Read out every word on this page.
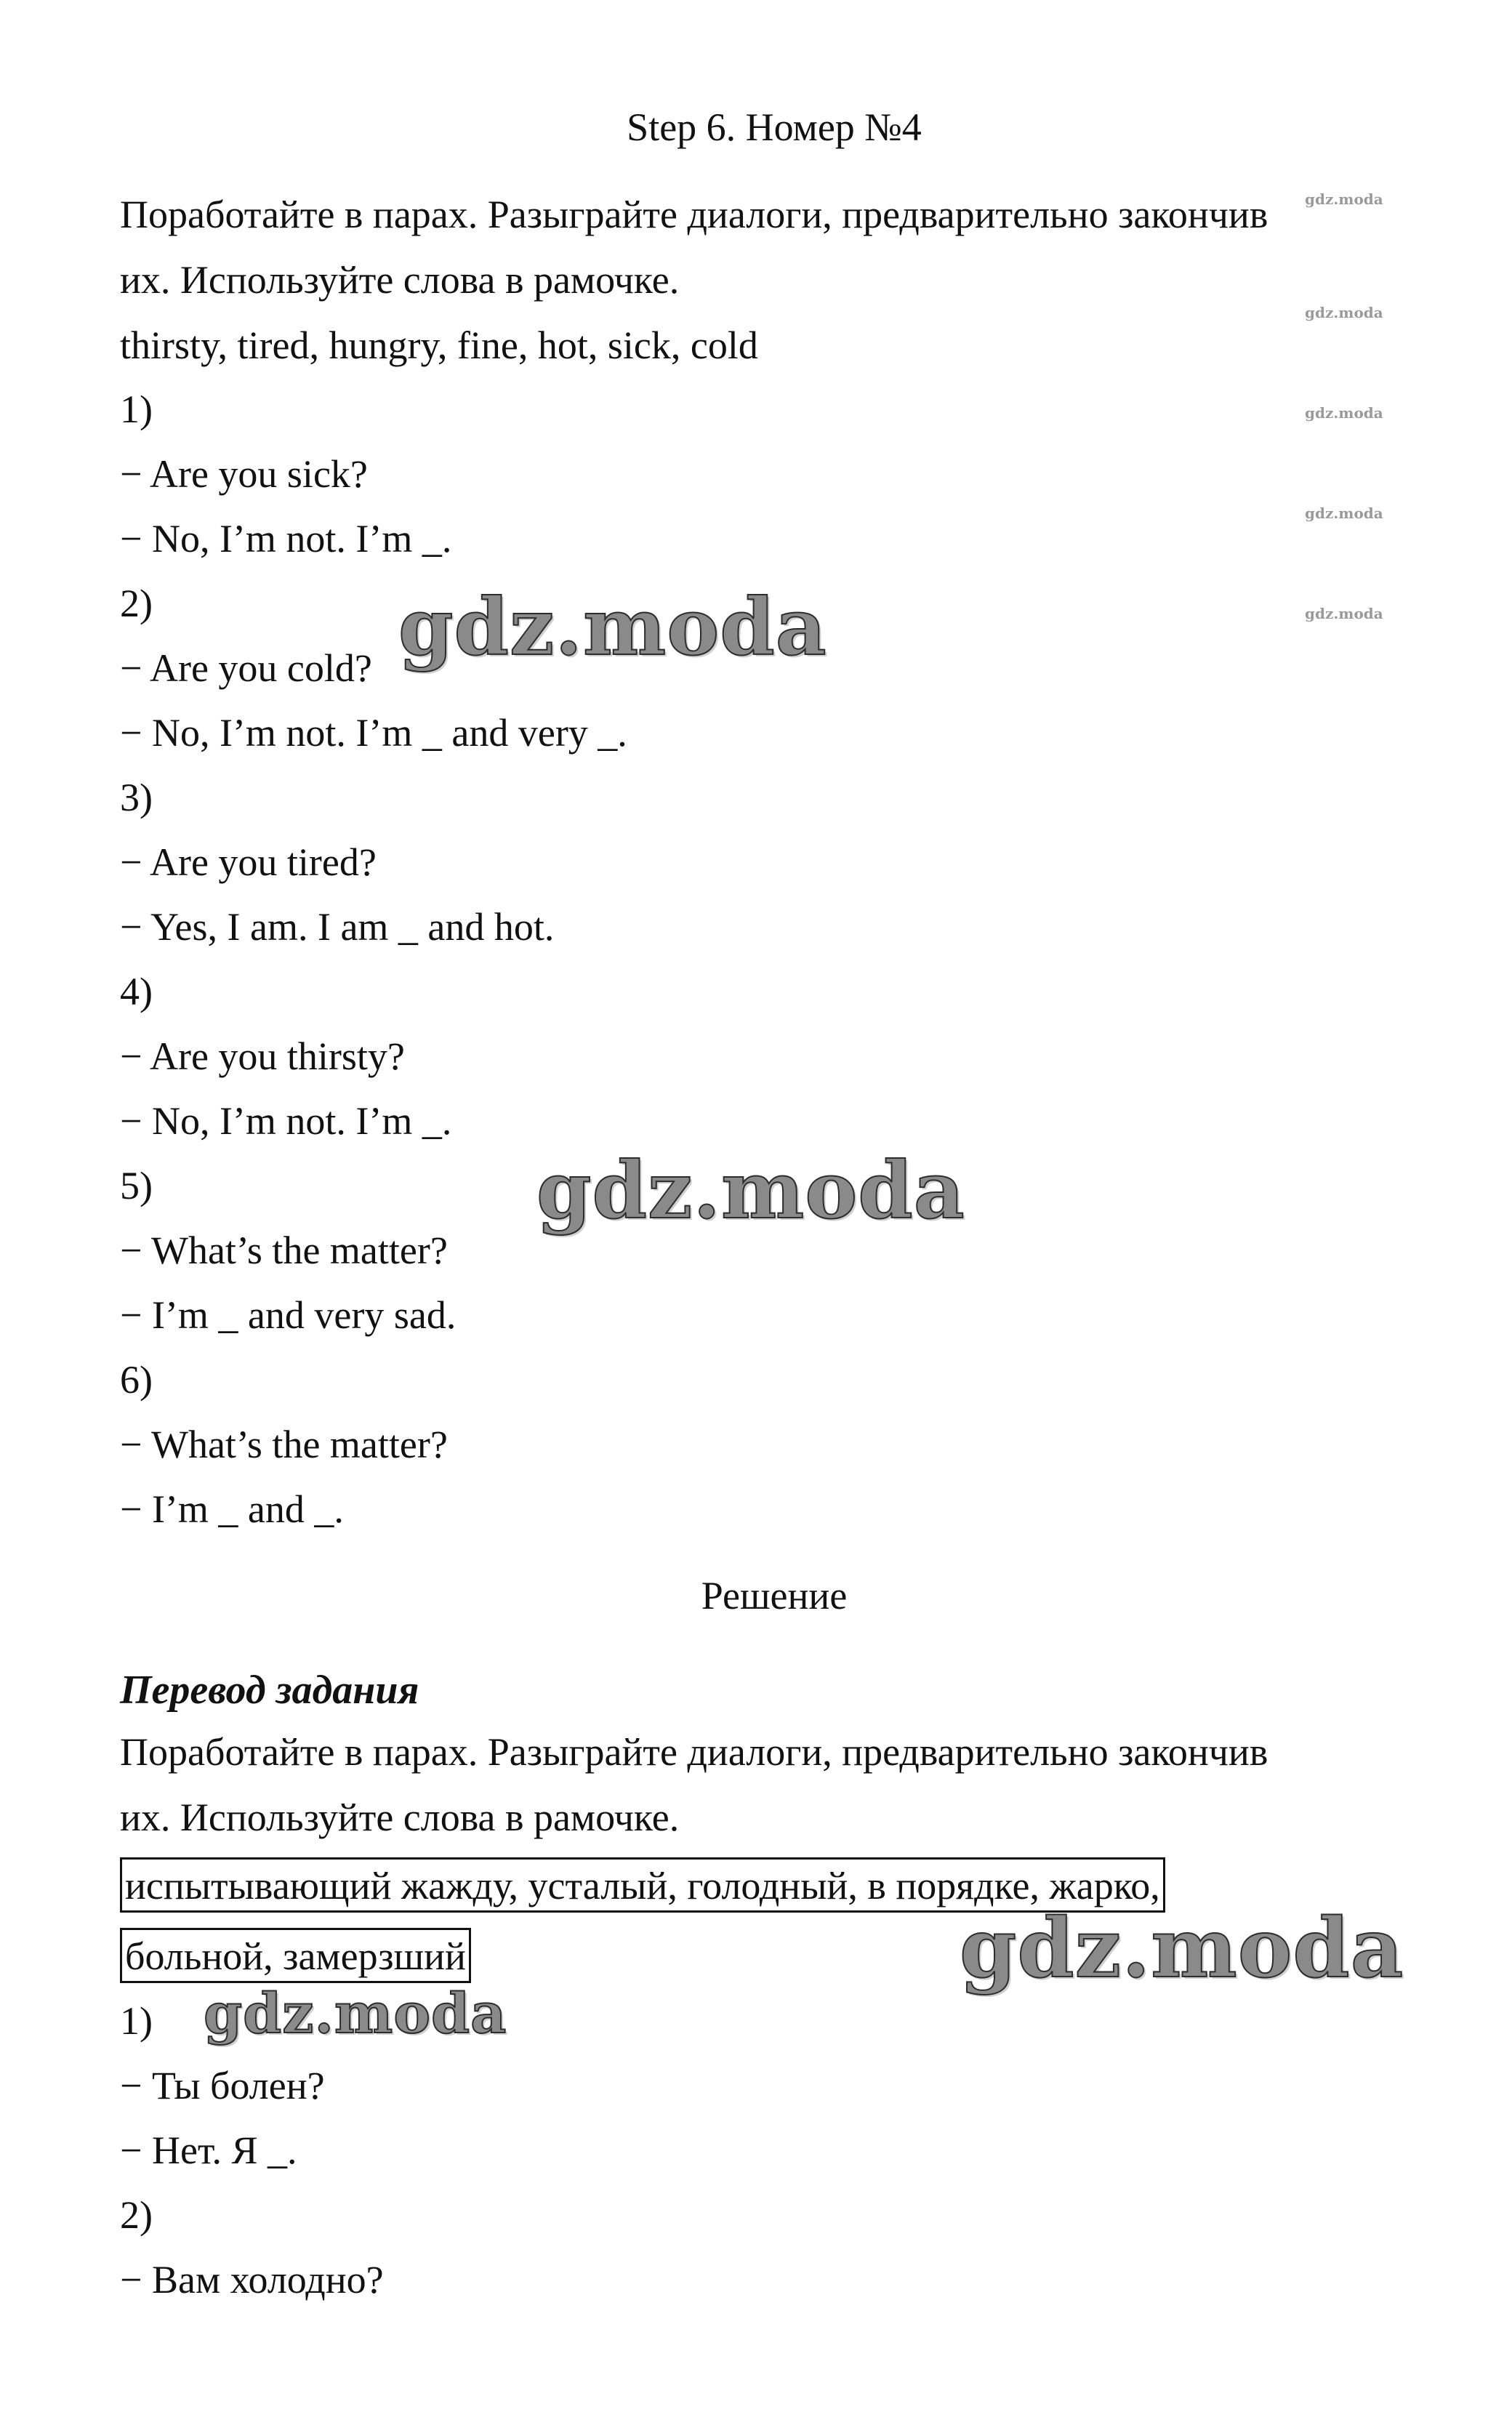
Step 6. Номер №4
Поработайте в парах. Разыграйте диалоги, предварительно закончив
их. Используйте слова в рамочке.
thirsty, tired, hungry, fine, hot, sick, cold
1)
− Are you sick?
− No, I’m not. I’m _.
2)
− Are you cold?
− No, I’m not. I’m _ and very _.
3)
− Are you tired?
− Yes, I am. I am _ and hot.
4)
− Are you thirsty?
− No, I’m not. I’m _.
5)
− What’s the matter?
− I’m _ and very sad.
6)
− What’s the matter?
− I’m _ and _.
Решение
Перевод задания
Поработайте в парах. Разыграйте диалоги, предварительно закончив
их. Используйте слова в рамочке.
испытывающий жажду, усталый, голодный, в порядке, жарко,
больной, замерзший
1)
− Ты болен?
− Нет. Я _.
2)
− Вам холодно?
gdz.moda
gdz.moda
gdz.moda
gdz.moda
gdz.moda
gdz.moda
gdz.moda
gdz.moda
gdz.moda
